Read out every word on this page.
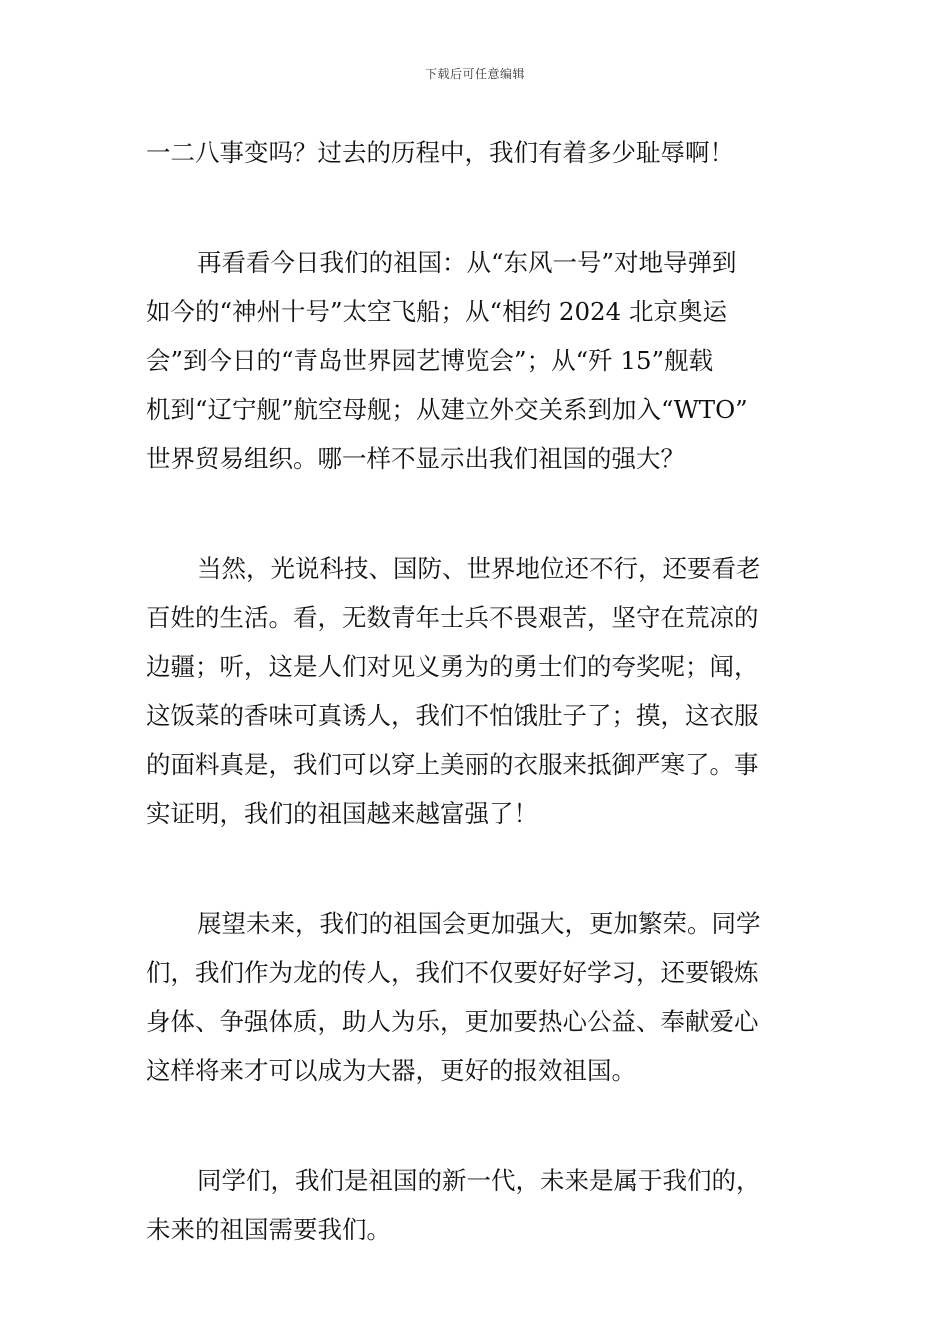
下载后可任意编辑

一二八事变吗？过去的历程中，我们有着多少耻辱啊！

再看看今日我们的祖国：从“东风一号”对地导弹到
如今的“神州十号”太空飞船；从“相约 2024 北京奥运
会”到今日的“青岛世界园艺博览会”；从“歼 15”舰载
机到“辽宁舰”航空母舰；从建立外交关系到加入“WTO”
世界贸易组织。哪一样不显示出我们祖国的强大？

当然，光说科技、国防、世界地位还不行，还要看老
百姓的生活。看，无数青年士兵不畏艰苦，坚守在荒凉的
边疆；听，这是人们对见义勇为的勇士们的夸奖呢；闻，
这饭菜的香味可真诱人，我们不怕饿肚子了；摸，这衣服
的面料真是，我们可以穿上美丽的衣服来抵御严寒了。事
实证明，我们的祖国越来越富强了！

展望未来，我们的祖国会更加强大，更加繁荣。同学
们，我们作为龙的传人，我们不仅要好好学习，还要锻炼
身体、争强体质，助人为乐，更加要热心公益、奉献爱心
这样将来才可以成为大器，更好的报效祖国。

同学们，我们是祖国的新一代，未来是属于我们的，
未来的祖国需要我们。
